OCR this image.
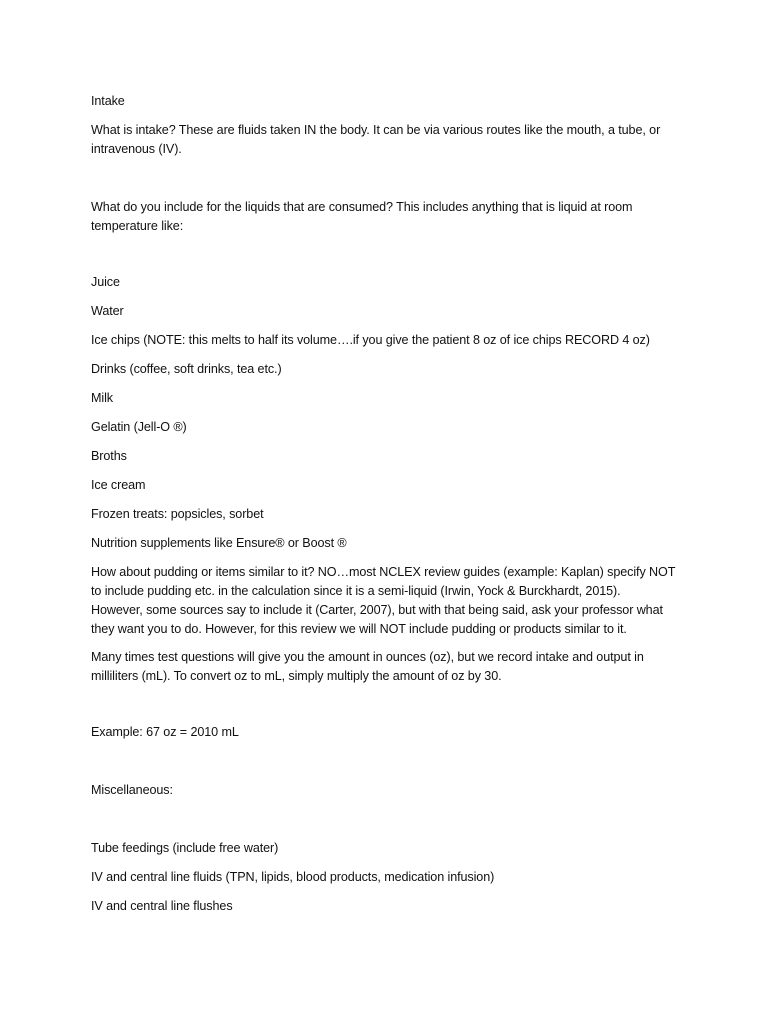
Intake
What is intake? These are fluids taken IN the body. It can be via various routes like the mouth, a tube, or
intravenous (IV).
What do you include for the liquids that are consumed? This includes anything that is liquid at room
temperature like:
Juice
Water
Ice chips (NOTE: this melts to half its volume….if you give the patient 8 oz of ice chips RECORD 4 oz)
Drinks (coffee, soft drinks, tea etc.)
Milk
Gelatin (Jell-O ®)
Broths
Ice cream
Frozen treats: popsicles, sorbet
Nutrition supplements like Ensure® or Boost ®
How about pudding or items similar to it? NO…most NCLEX review guides (example: Kaplan) specify NOT
to include pudding etc. in the calculation since it is a semi-liquid (Irwin, Yock & Burckhardt, 2015).
However, some sources say to include it (Carter, 2007), but with that being said, ask your professor what
they want you to do. However, for this review we will NOT include pudding or products similar to it.
Many times test questions will give you the amount in ounces (oz), but we record intake and output in
milliliters (mL). To convert oz to mL, simply multiply the amount of oz by 30.
Example: 67 oz = 2010 mL
Miscellaneous:
Tube feedings (include free water)
IV and central line fluids (TPN, lipids, blood products, medication infusion)
IV and central line flushes
